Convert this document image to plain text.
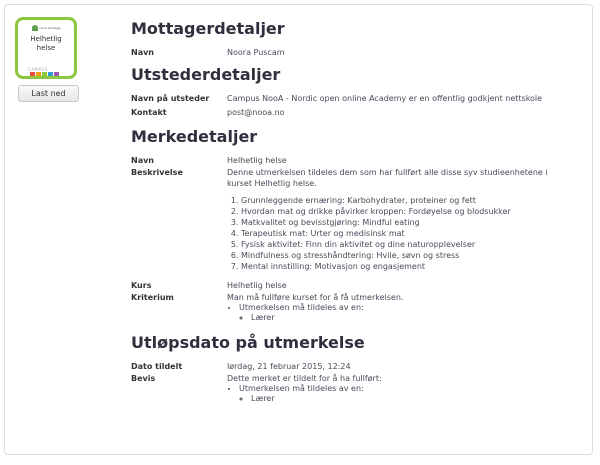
nooa heritage
Helhetlig
helse
CAMPUS
Last ned
Mottagerdetaljer
Navn	Noora Puscam
Utstederdetaljer
Navn på utsteder	Campus NooA - Nordic open online Academy er en offentlig godkjent nettskole
Kontakt	post@nooa.no
Merkedetaljer
Navn	Helhetlig helse
Beskrivelse	Denne utmerkelsen tildeles dem som har fullført alle disse syv studieenhetene i kurset Helhetlig helse.
1. Grunnleggende ernæring: Karbohydrater, proteiner og fett
2. Hvordan mat og drikke påvirker kroppen: Fordøyelse og blodsukker
3. Matkvalitet og bevisstgjøring: Mindful eating
4. Terapeutisk mat: Urter og medisinsk mat
5. Fysisk aktivitet: Finn din aktivitet og dine naturopplevelser
6. Mindfulness og stresshåndtering: Hvile, søvn og stress
7. Mental innstilling: Motivasjon og engasjement
Kurs	Helhetlig helse
Kriterium	Man må fullføre kurset for å få utmerkelsen.
• Utmerkelsen må tildeles av en:
◦ Lærer
Utløpsdato på utmerkelse
Dato tildelt	lørdag, 21 februar 2015, 12:24
Bevis	Dette merket er tildelt for å ha fullført:
• Utmerkelsen må tildeles av en:
◦ Lærer
